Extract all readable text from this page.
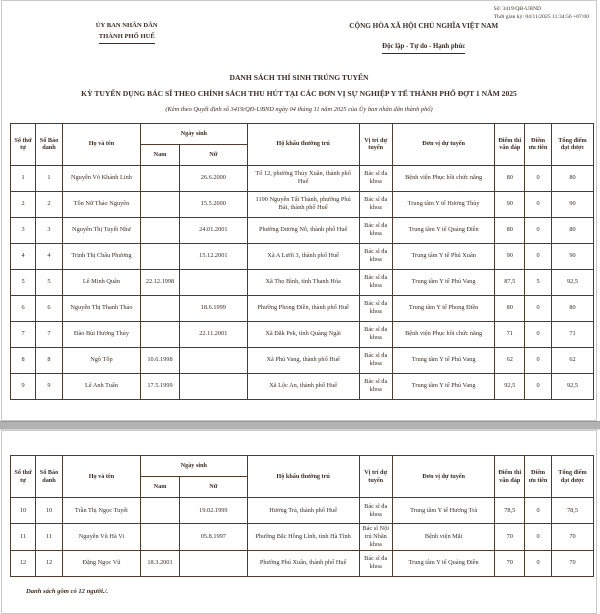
Số: 3419/QĐ-UBND
Thời gian ký: 04/11/2025 11:34:56 +07:00
ỦY BAN NHÂN DÂN
THÀNH PHỐ HUẾ
CỘNG HÒA XÃ HỘI CHỦ NGHĨA VIỆT NAM
Độc lập - Tự do - Hạnh phúc
DANH SÁCH THÍ SINH TRÚNG TUYỂN
KỲ TUYỂN DỤNG BÁC SĨ THEO CHÍNH SÁCH THU HÚT TẠI CÁC ĐƠN VỊ SỰ NGHIỆP Y TẾ THÀNH PHỐ ĐỢT 1 NĂM 2025
(Kèm theo Quyết định số 3419/QĐ-UBND ngày 04 tháng 11 năm 2025 của Ủy ban nhân dân thành phố)
Số thứ tự	Số Báo danh	Họ và tên	Ngày sinh		Hộ khẩu thường trú	Vị trí dự tuyển	Đơn vị dự tuyển	Điểm thi vấn đáp	Điểm ưu tiên	Tổng điểm đạt được
			Nam	Nữ						
1	1	Nguyễn Võ Khánh Linh		26.6.2000	Tổ 12, phường Thủy Xuân, thành phố Huế	Bác sĩ đa khoa	Bệnh viện Phục hồi chức năng	80	0	80
2	2	Tôn Nữ Thảo Nguyên		15.5.2000	1190 Nguyễn Tất Thành, phường Phú Bài, thành phố Huế	Bác sĩ đa khoa	Trung tâm Y tế Hương Thủy	90	0	90
3	3	Nguyễn Thị Tuyết Như		24.01.2001	Phường Dương Nỗ, thành phố Huế	Bác sĩ đa khoa	Trung tâm Y tế Quảng Điền	80	0	80
4	4	Trịnh Thị Châu Phương		15.12.2001	Xã A Lưới 3, thành phố Huế	Bác sĩ đa khoa	Trung tâm Y tế Phú Xuân	90	0	90
5	5	Lê Minh Quân	22.12.1998		Xã Thọ Bình, tỉnh Thanh Hóa	Bác sĩ đa khoa	Trung tâm Y tế Phú Vang	87,5	5	92,5
6	6	Nguyễn Thị Thanh Thảo		18.6.1999	Phường Phong Điền, thành phố Huế	Bác sĩ đa khoa	Trung tâm Y tế Phong Điền	80	0	80
7	7	Đào Bùi Hương Thủy		22.11.2001	Xã Đăk Pek, tỉnh Quảng Ngãi	Bác sĩ đa khoa	Bệnh viện Phục hồi chức năng	71	0	71
8	8	Ngô Tốp	10.6.1998		Xã Phú Vang, thành phố Huế	Bác sĩ đa khoa	Trung tâm Y tế Phú Vang	62	0	62
9	9	Lê Anh Tuấn	17.5.1999		Xã Lộc An, thành phố Huế	Bác sĩ đa khoa	Trung tâm Y tế Phú Vang	92,5	0	92,5
Số thứ tự	Số Báo danh	Họ và tên	Ngày sinh		Hộ khẩu thường trú	Vị trí dự tuyển	Đơn vị dự tuyển	Điểm thi vấn đáp	Điểm ưu tiên	Tổng điểm đạt được
			Nam	Nữ						
10	10	Trần Thị Ngọc Tuyết		19.02.1999	Hương Trà, thành phố Huế	Bác sĩ đa khoa	Trung tâm Y tế Hương Trà	78,5	0	78,5
11	11	Nguyễn Vũ Hà Vi		05.8.1997	Phường Bắc Hồng Lĩnh, tỉnh Hà Tĩnh	Bác sĩ Nội trú Nhãn khoa	Bệnh viện Mắt	70	0	70
12	12	Đặng Ngọc Vũ	18.3.2001		Phường Phú Xuân, thành phố Huế	Bác sĩ đa khoa	Trung tâm Y tế Quảng Điền	70	0	70
Danh sách gồm có 12 người./.
